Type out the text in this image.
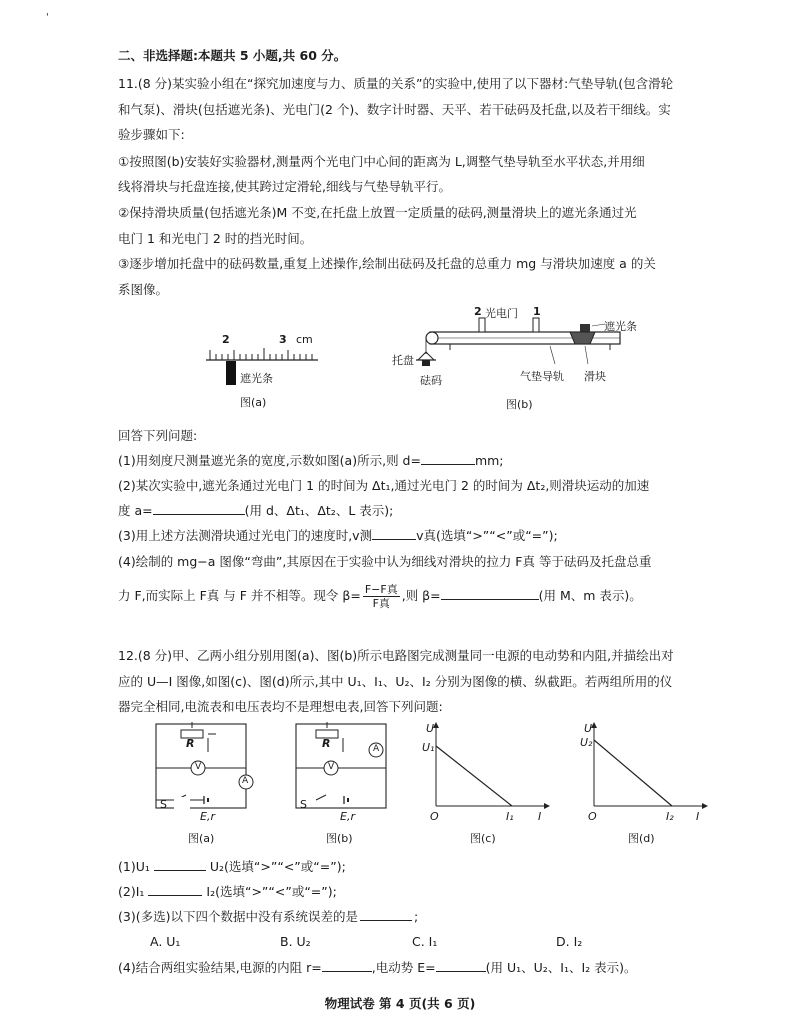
'
二、非选择题:本题共 5 小题,共 60 分。
11.(8 分)某实验小组在“探究加速度与力、质量的关系”的实验中,使用了以下器材:气垫导轨(包含滑轮
和气泵)、滑块(包括遮光条)、光电门(2 个)、数字计时器、天平、若干砝码及托盘,以及若干细线。实
验步骤如下:
①按照图(b)安装好实验器材,测量两个光电门中心间的距离为 L,调整气垫导轨至水平状态,并用细
线将滑块与托盘连接,使其跨过定滑轮,细线与气垫导轨平行。
②保持滑块质量(包括遮光条)M 不变,在托盘上放置一定质量的砝码,测量滑块上的遮光条通过光
电门 1 和光电门 2 时的挡光时间。
③逐步增加托盘中的砝码数量,重复上述操作,绘制出砝码及托盘的总重力 mg 与滑块加速度 a 的关
系图像。
2	3 cm
遮光条
图(a)
2 光电门 1
遮光条
托盘
砝码	气垫导轨 滑块
图(b)
回答下列问题:
(1)用刻度尺测量遮光条的宽度,示数如图(a)所示,则 d=	mm;
(2)某次实验中,遮光条通过光电门 1 的时间为 Δt₁,通过光电门 2 的时间为 Δt₂,则滑块运动的加速
度 a=	(用 d、Δt₁、Δt₂、L 表示);
(3)用上述方法测滑块通过光电门的速度时,v测	v真(选填“>”“<”或“=”);
(4)绘制的 mg−a 图像“弯曲”,其原因在于实验中认为细线对滑块的拉力 F真 等于砝码及托盘总重
力 F,而实际上 F真 与 F 并不相等。现令 $\beta= \frac{\text{F−F真}}{\text{F真}}$ ,则 β=	(用 M、m 表示)。
12.(8 分)甲、乙两小组分别用图(a)、图(b)所示电路图完成测量同一电源的电动势和内阻,并描绘出对
应的 U—I 图像,如图(c)、图(d)所示,其中 U₁、I₁、U₂、I₂ 分别为图像的横、纵截距。若两组所用的仪
器完全相同,电流表和电压表均不是理想电表,回答下列问题:
R
V
A
S
E,r
图(a)
R	A
V
S
E,r
图(b)
U
U₁
O	I₁ I
图(c)
U
U₂
O	I₂ I
图(d)
(1)U₁	U₂(选填“>”“<”或“=”);
(2)I₁	I₂(选填“>”“<”或“=”);
(3)(多选)以下四个数据中没有系统误差的是	;
A. U₁	B. U₂	C. I₁	D. I₂
(4)结合两组实验结果,电源的内阻 r=	,电动势 E=	(用 U₁、U₂、I₁、I₂ 表示)。
物理试卷 第 4 页(共 6 页)
